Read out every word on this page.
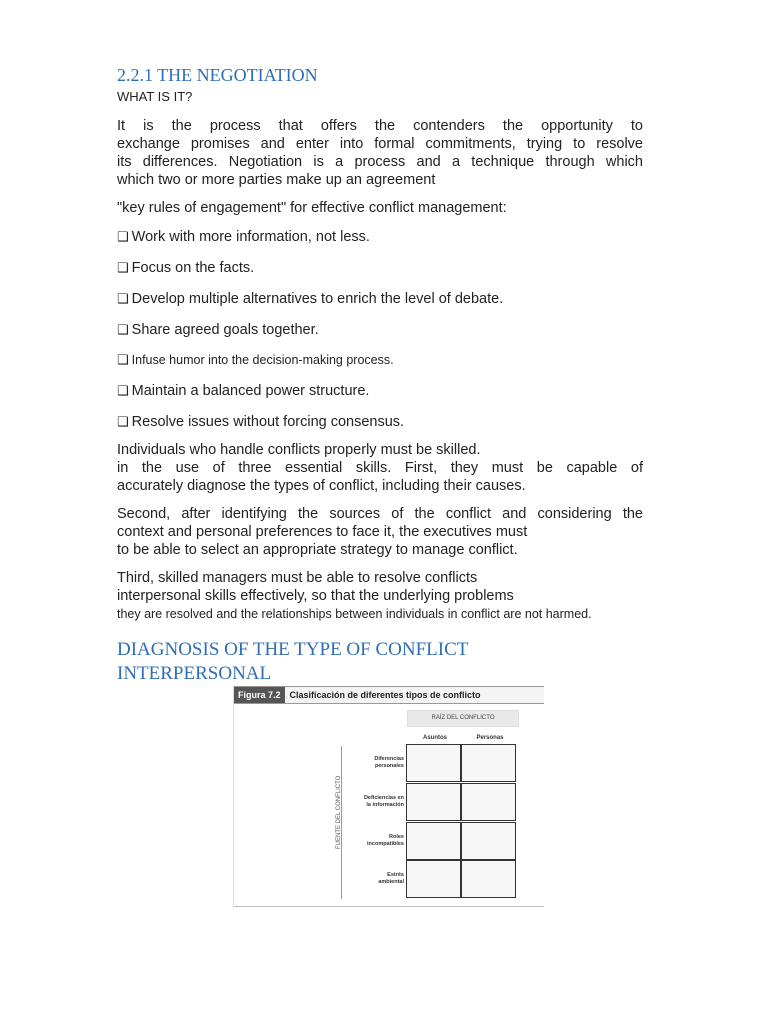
2.2.1 THE NEGOTIATION
WHAT IS IT?

It is the process that offers the contenders the opportunity to
exchange promises and enter into formal commitments, trying to resolve
its differences. Negotiation is a process and a technique through which
which two or more parties make up an agreement

"key rules of engagement" for effective conflict management:

❑ Work with more information, not less.
❑ Focus on the facts.
❑ Develop multiple alternatives to enrich the level of debate.
❑ Share agreed goals together.
❑ Infuse humor into the decision-making process.
❑ Maintain a balanced power structure.
❑ Resolve issues without forcing consensus.

Individuals who handle conflicts properly must be skilled.
in the use of three essential skills. First, they must be capable of
accurately diagnose the types of conflict, including their causes.

Second, after identifying the sources of the conflict and considering the
context and personal preferences to face it, the executives must
to be able to select an appropriate strategy to manage conflict.

Third, skilled managers must be able to resolve conflicts
interpersonal skills effectively, so that the underlying problems
they are resolved and the relationships between individuals in conflict are not harmed.

DIAGNOSIS OF THE TYPE OF CONFLICT
INTERPERSONAL
Figura 7.2	Clasificación de diferentes tipos de conflicto
RAÍZ DEL CONFLICTO
Asuntos	Personas
FUENTE DEL CONFLICTO
Diferencias
personales
Deficiencias en
la información
Roles
incompatibles
Estrés
ambiental
